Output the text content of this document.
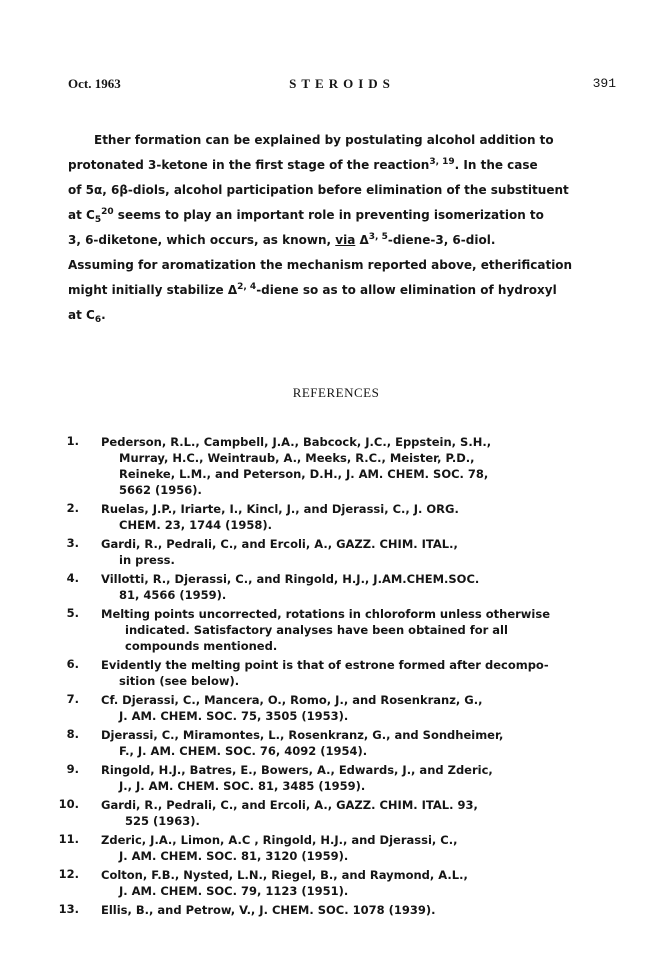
Oct. 1963	STEROIDS	391
Ether formation can be explained by postulating alcohol addition to
protonated 3-ketone in the first stage of the reaction$^{3, 19}$. In the case
of 5α, 6β-diols, alcohol participation before elimination of the substituent
at $C_5^{20}$ seems to play an important role in preventing isomerization to
3, 6-diketone, which occurs, as known, via Δ$^{3, 5}$-diene-3, 6-diol.
Assuming for aromatization the mechanism reported above, etherification
might initially stabilize Δ$^{2, 4}$-diene so as to allow elimination of hydroxyl
at $C_6$.
REFERENCES
1. Pederson, R.L., Campbell, J.A., Babcock, J.C., Eppstein, S.H.,
Murray, H.C., Weintraub, A., Meeks, R.C., Meister, P.D.,
Reineke, L.M., and Peterson, D.H., J. AM. CHEM. SOC. 78,
5662 (1956).
2. Ruelas, J.P., Iriarte, I., Kincl, J., and Djerassi, C., J. ORG.
CHEM. 23, 1744 (1958).
3. Gardi, R., Pedrali, C., and Ercoli, A., GAZZ. CHIM. ITAL.,
in press.
4. Villotti, R., Djerassi, C., and Ringold, H.J., J.AM.CHEM.SOC.
81, 4566 (1959).
5. Melting points uncorrected, rotations in chloroform unless otherwise
indicated. Satisfactory analyses have been obtained for all
compounds mentioned.
6. Evidently the melting point is that of estrone formed after decompo-
sition (see below).
7. Cf. Djerassi, C., Mancera, O., Romo, J., and Rosenkranz, G.,
J. AM. CHEM. SOC. 75, 3505 (1953).
8. Djerassi, C., Miramontes, L., Rosenkranz, G., and Sondheimer,
F., J. AM. CHEM. SOC. 76, 4092 (1954).
9. Ringold, H.J., Batres, E., Bowers, A., Edwards, J., and Zderic,
J., J. AM. CHEM. SOC. 81, 3485 (1959).
10. Gardi, R., Pedrali, C., and Ercoli, A., GAZZ. CHIM. ITAL. 93,
525 (1963).
11. Zderic, J.A., Limon, A.C , Ringold, H.J., and Djerassi, C.,
J. AM. CHEM. SOC. 81, 3120 (1959).
12. Colton, F.B., Nysted, L.N., Riegel, B., and Raymond, A.L.,
J. AM. CHEM. SOC. 79, 1123 (1951).
13. Ellis, B., and Petrow, V., J. CHEM. SOC. 1078 (1939).
